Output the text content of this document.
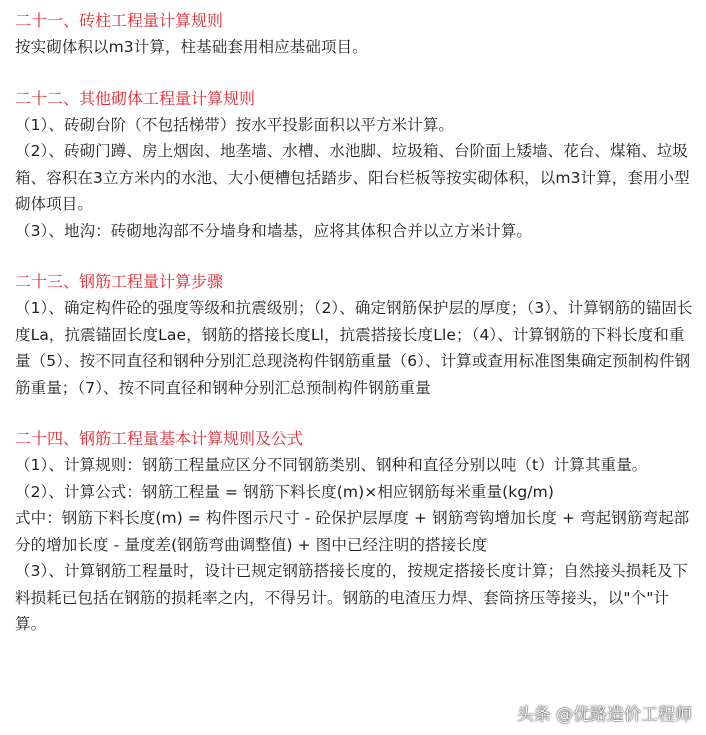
二十一、砖柱工程量计算规则

按实砌体积以m3计算，柱基础套用相应基础项目。

二十二、其他砌体工程量计算规则

（1）、砖砌台阶（不包括梯带）按水平投影面积以平方米计算。

（2）、砖砌门蹲、房上烟囱、地垄墙、水槽、水池脚、垃圾箱、台阶面上矮墙、花台、煤箱、垃圾箱、容积在3立方米内的水池、大小便槽包括踏步、阳台栏板等按实砌体积，以m3计算，套用小型砌体项目。

（3）、地沟：砖砌地沟部不分墙身和墙基，应将其体积合并以立方米计算。

二十三、钢筋工程量计算步骤

（1）、确定构件砼的强度等级和抗震级别；（2）、确定钢筋保护层的厚度；（3）、计算钢筋的锚固长度La，抗震锚固长度Lae，钢筋的搭接长度Ll，抗震搭接长度Lle；（4）、计算钢筋的下料长度和重量（5）、按不同直径和钢种分别汇总现浇构件钢筋重量（6）、计算或查用标准图集确定预制构件钢筋重量；（7）、按不同直径和钢种分别汇总预制构件钢筋重量

二十四、钢筋工程量基本计算规则及公式

（1）、计算规则：钢筋工程量应区分不同钢筋类别、钢种和直径分别以吨（t）计算其重量。

（2）、计算公式：钢筋工程量 = 钢筋下料长度(m)×相应钢筋每米重量(kg/m)

式中：钢筋下料长度(m) = 构件图示尺寸 - 砼保护层厚度 + 钢筋弯钩增加长度 + 弯起钢筋弯起部分的增加长度 - 量度差(钢筋弯曲调整值) + 图中已经注明的搭接长度

（3）、计算钢筋工程量时，设计已规定钢筋搭接长度的，按规定搭接长度计算；自然接头损耗及下料损耗已包括在钢筋的损耗率之内，不得另计。钢筋的电渣压力焊、套筒挤压等接头，以"个"计算。

头条 @优路造价工程师
